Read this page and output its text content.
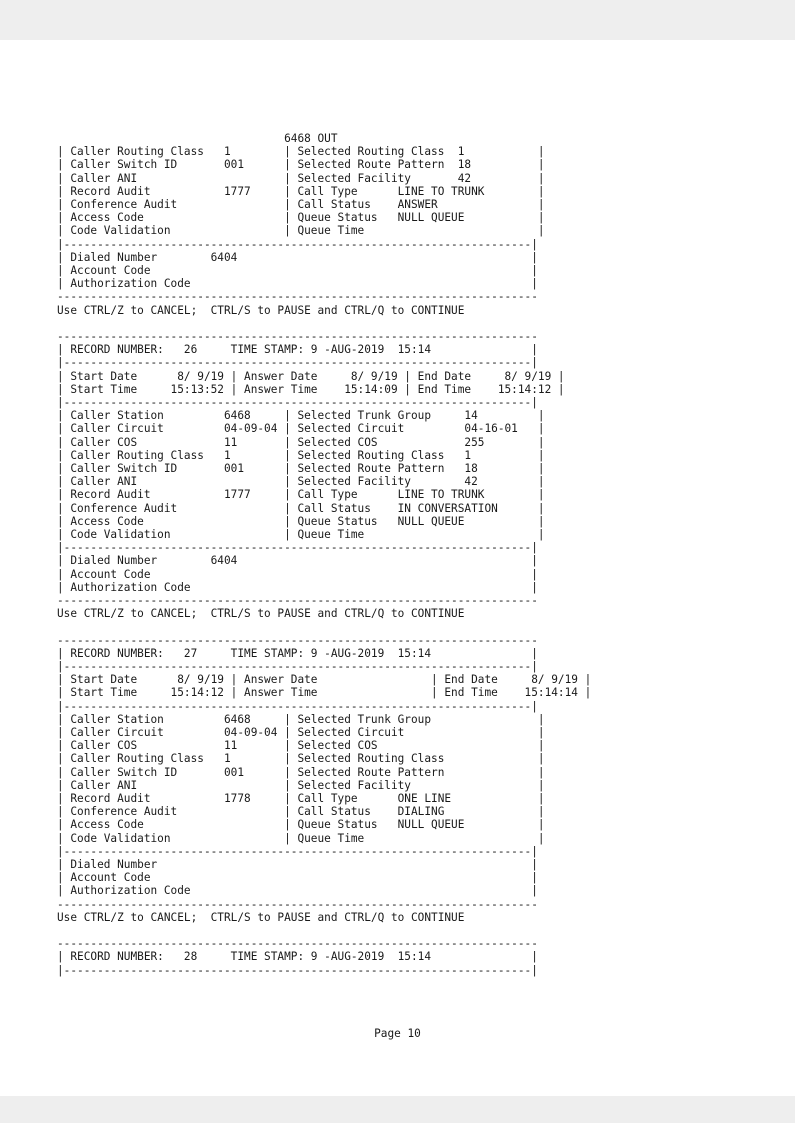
6468 OUT
| Caller Routing Class   1        | Selected Routing Class  1           |
| Caller Switch ID       001      | Selected Route Pattern  18          |
| Caller ANI                      | Selected Facility       42          |
| Record Audit           1777     | Call Type      LINE TO TRUNK        |
| Conference Audit                | Call Status    ANSWER               |
| Access Code                     | Queue Status   NULL QUEUE           |
| Code Validation                 | Queue Time                          |
|----------------------------------------------------------------------|
| Dialed Number        6404                                            |
| Account Code                                                         |
| Authorization Code                                                   |
------------------------------------------------------------------------
Use CTRL/Z to CANCEL;  CTRL/S to PAUSE and CTRL/Q to CONTINUE
------------------------------------------------------------------------
| RECORD NUMBER:   26     TIME STAMP: 9 -AUG-2019  15:14               |
|----------------------------------------------------------------------|
| Start Date      8/ 9/19 | Answer Date     8/ 9/19 | End Date     8/ 9/19 |
| Start Time     15:13:52 | Answer Time    15:14:09 | End Time    15:14:12 |
|----------------------------------------------------------------------|
| Caller Station         6468     | Selected Trunk Group     14         |
| Caller Circuit         04-09-04 | Selected Circuit         04-16-01   |
| Caller COS             11       | Selected COS             255        |
| Caller Routing Class   1        | Selected Routing Class   1          |
| Caller Switch ID       001      | Selected Route Pattern   18         |
| Caller ANI                      | Selected Facility        42         |
| Record Audit           1777     | Call Type      LINE TO TRUNK        |
| Conference Audit                | Call Status    IN CONVERSATION      |
| Access Code                     | Queue Status   NULL QUEUE           |
| Code Validation                 | Queue Time                          |
|----------------------------------------------------------------------|
| Dialed Number        6404                                            |
| Account Code                                                         |
| Authorization Code                                                   |
------------------------------------------------------------------------
Use CTRL/Z to CANCEL;  CTRL/S to PAUSE and CTRL/Q to CONTINUE
------------------------------------------------------------------------
| RECORD NUMBER:   27     TIME STAMP: 9 -AUG-2019  15:14               |
|----------------------------------------------------------------------|
| Start Date      8/ 9/19 | Answer Date                 | End Date     8/ 9/19 |
| Start Time     15:14:12 | Answer Time                 | End Time    15:14:14 |
|----------------------------------------------------------------------|
| Caller Station         6468     | Selected Trunk Group                |
| Caller Circuit         04-09-04 | Selected Circuit                    |
| Caller COS             11       | Selected COS                        |
| Caller Routing Class   1        | Selected Routing Class              |
| Caller Switch ID       001      | Selected Route Pattern              |
| Caller ANI                      | Selected Facility                   |
| Record Audit           1778     | Call Type      ONE LINE             |
| Conference Audit                | Call Status    DIALING              |
| Access Code                     | Queue Status   NULL QUEUE           |
| Code Validation                 | Queue Time                          |
|----------------------------------------------------------------------|
| Dialed Number                                                        |
| Account Code                                                         |
| Authorization Code                                                   |
------------------------------------------------------------------------
Use CTRL/Z to CANCEL;  CTRL/S to PAUSE and CTRL/Q to CONTINUE
------------------------------------------------------------------------
| RECORD NUMBER:   28     TIME STAMP: 9 -AUG-2019  15:14               |
|----------------------------------------------------------------------|
Page 10
